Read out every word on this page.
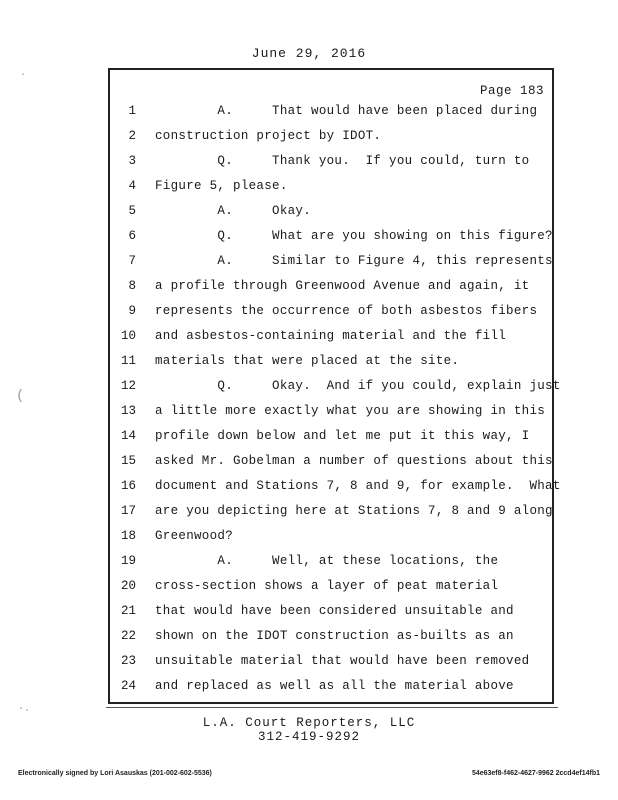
June 29, 2016
Page 183
1 A.     That would have been placed during
2 construction project by IDOT.
3 Q.     Thank you.  If you could, turn to
4 Figure 5, please.
5 A.     Okay.
6 Q.     What are you showing on this figure?
7 A.     Similar to Figure 4, this represents
8 a profile through Greenwood Avenue and again, it
9 represents the occurrence of both asbestos fibers
10 and asbestos-containing material and the fill
11 materials that were placed at the site.
12 Q.     Okay.  And if you could, explain just
13 a little more exactly what you are showing in this
14 profile down below and let me put it this way, I
15 asked Mr. Gobelman a number of questions about this
16 document and Stations 7, 8 and 9, for example.  What
17 are you depicting here at Stations 7, 8 and 9 along
18 Greenwood?
19 A.     Well, at these locations, the
20 cross-section shows a layer of peat material
21 that would have been considered unsuitable and
22 shown on the IDOT construction as-builts as an
23 unsuitable material that would have been removed
24 and replaced as well as all the material above
L.A. Court Reporters, LLC
312-419-9292
Electronically signed by Lori Asauskas (201-002-602-5536)	54e63ef8-f462-4627-9962 2ccd4ef14fb1
·
(
·.
